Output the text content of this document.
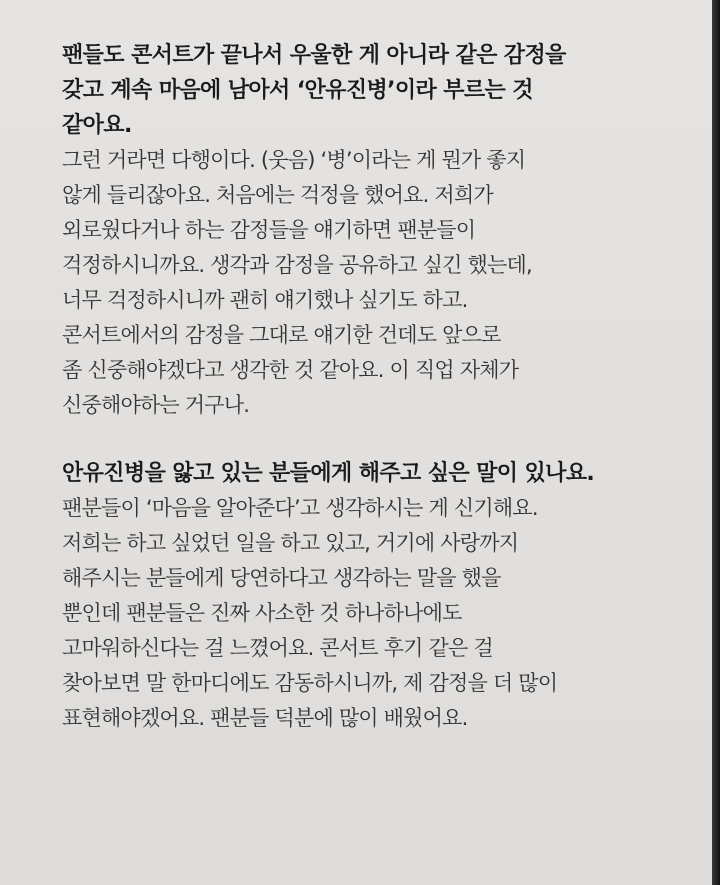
팬들도 콘서트가 끝나서 우울한 게 아니라 같은 감정을
갖고 계속 마음에 남아서 ‘안유진병’이라 부르는 것
같아요.
그런 거라면 다행이다. (웃음) ‘병’이라는 게 뭔가 좋지
않게 들리잖아요. 처음에는 걱정을 했어요. 저희가
외로웠다거나 하는 감정들을 얘기하면 팬분들이
걱정하시니까요. 생각과 감정을 공유하고 싶긴 했는데,
너무 걱정하시니까 괜히 얘기했나 싶기도 하고.
콘서트에서의 감정을 그대로 얘기한 건데도 앞으로
좀 신중해야겠다고 생각한 것 같아요. 이 직업 자체가
신중해야하는 거구나.
안유진병을 앓고 있는 분들에게 해주고 싶은 말이 있나요.
팬분들이 ‘마음을 알아준다’고 생각하시는 게 신기해요.
저희는 하고 싶었던 일을 하고 있고, 거기에 사랑까지
해주시는 분들에게 당연하다고 생각하는 말을 했을
뿐인데 팬분들은 진짜 사소한 것 하나하나에도
고마워하신다는 걸 느꼈어요. 콘서트 후기 같은 걸
찾아보면 말 한마디에도 감동하시니까, 제 감정을 더 많이
표현해야겠어요. 팬분들 덕분에 많이 배웠어요.
